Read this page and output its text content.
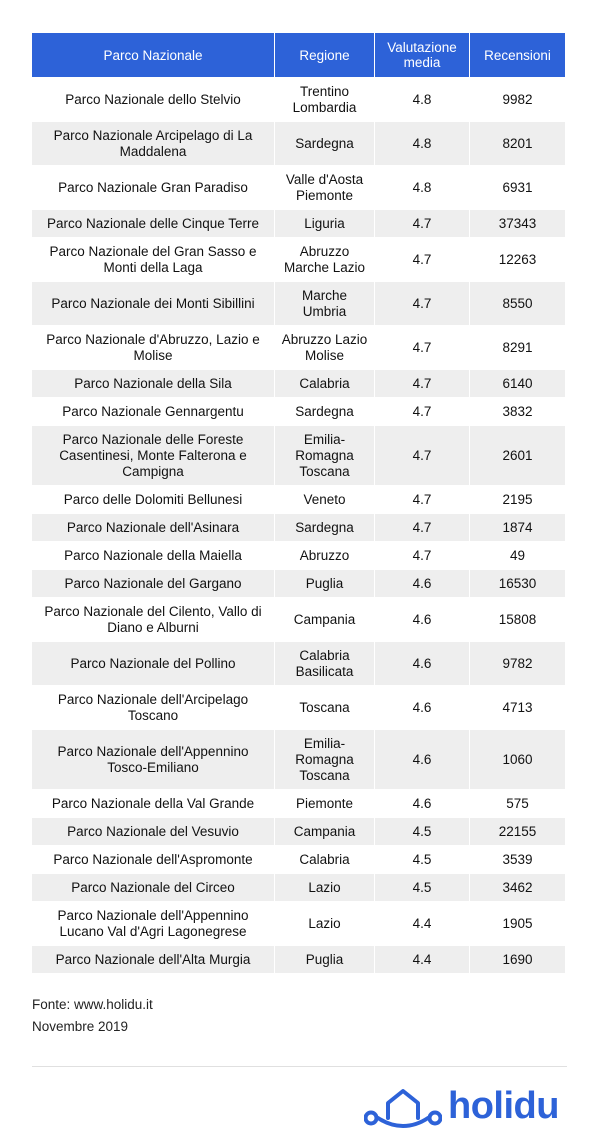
Parco Nazionale	Regione	Valutazione media	Recensioni
Parco Nazionale dello Stelvio	Trentino Lombardia	4.8	9982
Parco Nazionale Arcipelago di La Maddalena	Sardegna	4.8	8201
Parco Nazionale Gran Paradiso	Valle d'Aosta Piemonte	4.8	6931
Parco Nazionale delle Cinque Terre	Liguria	4.7	37343
Parco Nazionale del Gran Sasso e Monti della Laga	Abruzzo Marche Lazio	4.7	12263
Parco Nazionale dei Monti Sibillini	Marche Umbria	4.7	8550
Parco Nazionale d'Abruzzo, Lazio e Molise	Abruzzo Lazio Molise	4.7	8291
Parco Nazionale della Sila	Calabria	4.7	6140
Parco Nazionale Gennargentu	Sardegna	4.7	3832
Parco Nazionale delle Foreste Casentinesi, Monte Falterona e Campigna	Emilia-Romagna Toscana	4.7	2601
Parco delle Dolomiti Bellunesi	Veneto	4.7	2195
Parco Nazionale dell'Asinara	Sardegna	4.7	1874
Parco Nazionale della Maiella	Abruzzo	4.7	49
Parco Nazionale del Gargano	Puglia	4.6	16530
Parco Nazionale del Cilento, Vallo di Diano e Alburni	Campania	4.6	15808
Parco Nazionale del Pollino	Calabria Basilicata	4.6	9782
Parco Nazionale dell'Arcipelago Toscano	Toscana	4.6	4713
Parco Nazionale dell'Appennino Tosco-Emiliano	Emilia-Romagna Toscana	4.6	1060
Parco Nazionale della Val Grande	Piemonte	4.6	575
Parco Nazionale del Vesuvio	Campania	4.5	22155
Parco Nazionale dell'Aspromonte	Calabria	4.5	3539
Parco Nazionale del Circeo	Lazio	4.5	3462
Parco Nazionale dell'Appennino Lucano Val d'Agri Lagonegrese	Lazio	4.4	1905
Parco Nazionale dell'Alta Murgia	Puglia	4.4	1690
Fonte: www.holidu.it
Novembre 2019
holidu
